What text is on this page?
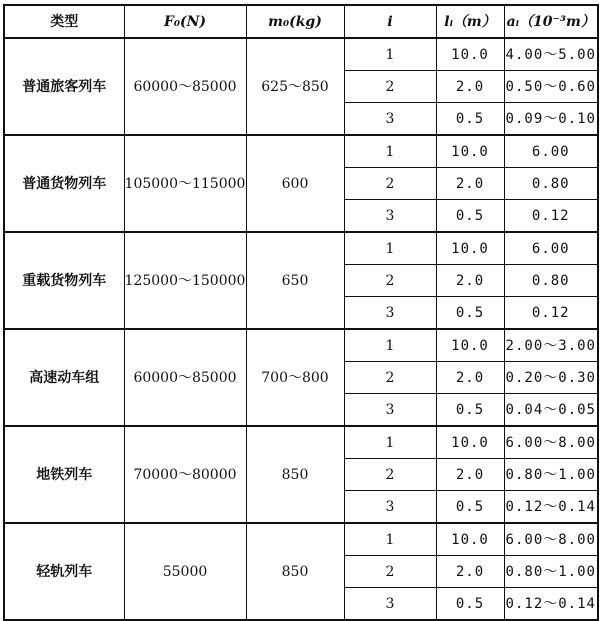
类型	F₀(N)	m₀(kg)	i	lᵢ（m）	aᵢ（10⁻³m）
普通旅客列车	60000～85000	625～850	1	10.0	4.00～5.00
			2	2.0	0.50～0.60
			3	0.5	0.09～0.10
普通货物列车	105000～115000	600	1	10.0	6.00
			2	2.0	0.80
			3	0.5	0.12
重载货物列车	125000～150000	650	1	10.0	6.00
			2	2.0	0.80
			3	0.5	0.12
高速动车组	60000～85000	700～800	1	10.0	2.00～3.00
			2	2.0	0.20～0.30
			3	0.5	0.04～0.05
地铁列车	70000～80000	850	1	10.0	6.00～8.00
			2	2.0	0.80～1.00
			3	0.5	0.12～0.14
轻轨列车	55000	850	1	10.0	6.00～8.00
			2	2.0	0.80～1.00
			3	0.5	0.12～0.14
